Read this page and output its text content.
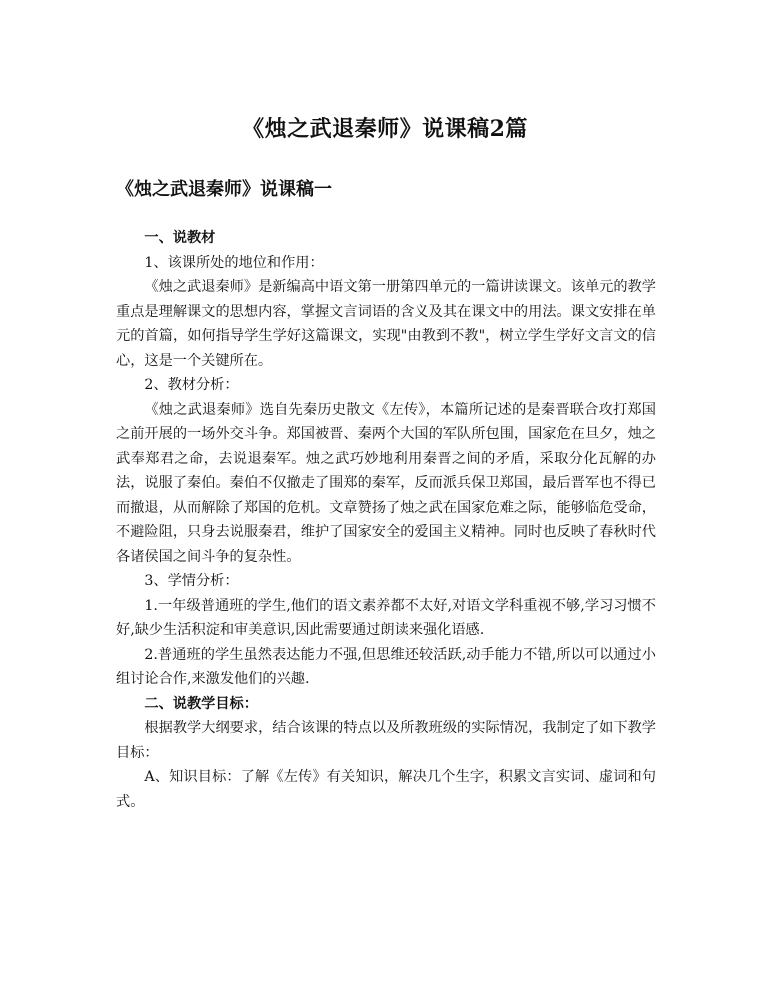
《烛之武退秦师》说课稿2篇
《烛之武退秦师》说课稿一

一、说教材

1、该课所处的地位和作用：

《烛之武退秦师》是新编高中语文第一册第四单元的一篇讲读课文。该单元的教学重点是理解课文的思想内容，掌握文言词语的含义及其在课文中的用法。课文安排在单元的首篇，如何指导学生学好这篇课文，实现"由教到不教"，树立学生学好文言文的信心，这是一个关键所在。

2、教材分析：

《烛之武退秦师》选自先秦历史散文《左传》，本篇所记述的是秦晋联合攻打郑国之前开展的一场外交斗争。郑国被晋、秦两个大国的军队所包围，国家危在旦夕，烛之武奉郑君之命，去说退秦军。烛之武巧妙地利用秦晋之间的矛盾，采取分化瓦解的办法，说服了秦伯。秦伯不仅撤走了围郑的秦军，反而派兵保卫郑国，最后晋军也不得已而撤退，从而解除了郑国的危机。文章赞扬了烛之武在国家危难之际，能够临危受命，不避险阻，只身去说服秦君，维护了国家安全的爱国主义精神。同时也反映了春秋时代各诸侯国之间斗争的复杂性。

3、学情分析：

1.一年级普通班的学生,他们的语文素养都不太好,对语文学科重视不够,学习习惯不好,缺少生活积淀和审美意识,因此需要通过朗读来强化语感.

2.普通班的学生虽然表达能力不强,但思维还较活跃,动手能力不错,所以可以通过小组讨论合作,来激发他们的兴趣.

二、说教学目标：

根据教学大纲要求，结合该课的特点以及所教班级的实际情况，我制定了如下教学目标：

A、知识目标：了解《左传》有关知识，解决几个生字，积累文言实词、虚词和句式。
